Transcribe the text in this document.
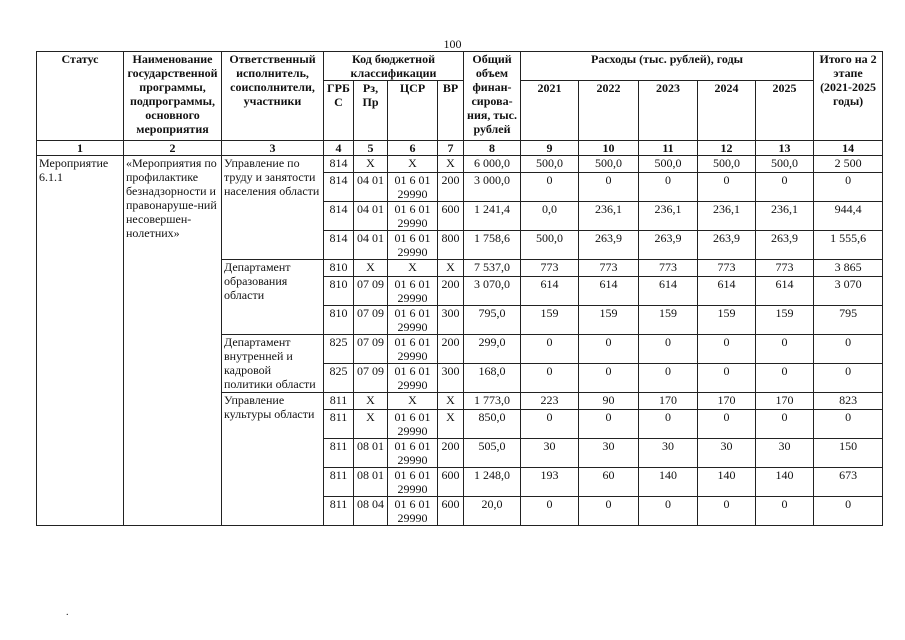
100
Статус	Наименование государственной программы, подпрограммы, основного мероприятия	Ответственный исполнитель, соисполнители, участники	Код бюджетной классификации				Общий объем финан-сирова-ния, тыс. рублей	Расходы (тыс. рублей), годы					Итого на 2 этапе (2021-2025 годы)
			ГРБ С	Рз, Пр	ЦСР	ВР		2021	2022	2023	2024	2025	
1	2	3	4	5	6	7	8	9	10	11	12	13	14
Мероприятие 6.1.1	«Мероприятия по профилактике безнадзорности и правонаруше-ний несовершен-нолетних»	Управление по труду и занятости населения области	814	X	X	X	6 000,0	500,0	500,0	500,0	500,0	500,0	2 500
			814	04 01	01 6 01 29990	200	3 000,0	0	0	0	0	0	0
			814	04 01	01 6 01 29990	600	1 241,4	0,0	236,1	236,1	236,1	236,1	944,4
			814	04 01	01 6 01 29990	800	1 758,6	500,0	263,9	263,9	263,9	263,9	1 555,6
		Департамент образования области	810	X	X	X	7 537,0	773	773	773	773	773	3 865
			810	07 09	01 6 01 29990	200	3 070,0	614	614	614	614	614	3 070
			810	07 09	01 6 01 29990	300	795,0	159	159	159	159	159	795
		Департамент внутренней и кадровой политики области	825	07 09	01 6 01 29990	200	299,0	0	0	0	0	0	0
			825	07 09	01 6 01 29990	300	168,0	0	0	0	0	0	0
		Управление культуры области	811	X	X	X	1 773,0	223	90	170	170	170	823
			811	X	01 6 01 29990	X	850,0	0	0	0	0	0	0
			811	08 01	01 6 01 29990	200	505,0	30	30	30	30	30	150
			811	08 01	01 6 01 29990	600	1 248,0	193	60	140	140	140	673
			811	08 04	01 6 01 29990	600	20,0	0	0	0	0	0	0
.
